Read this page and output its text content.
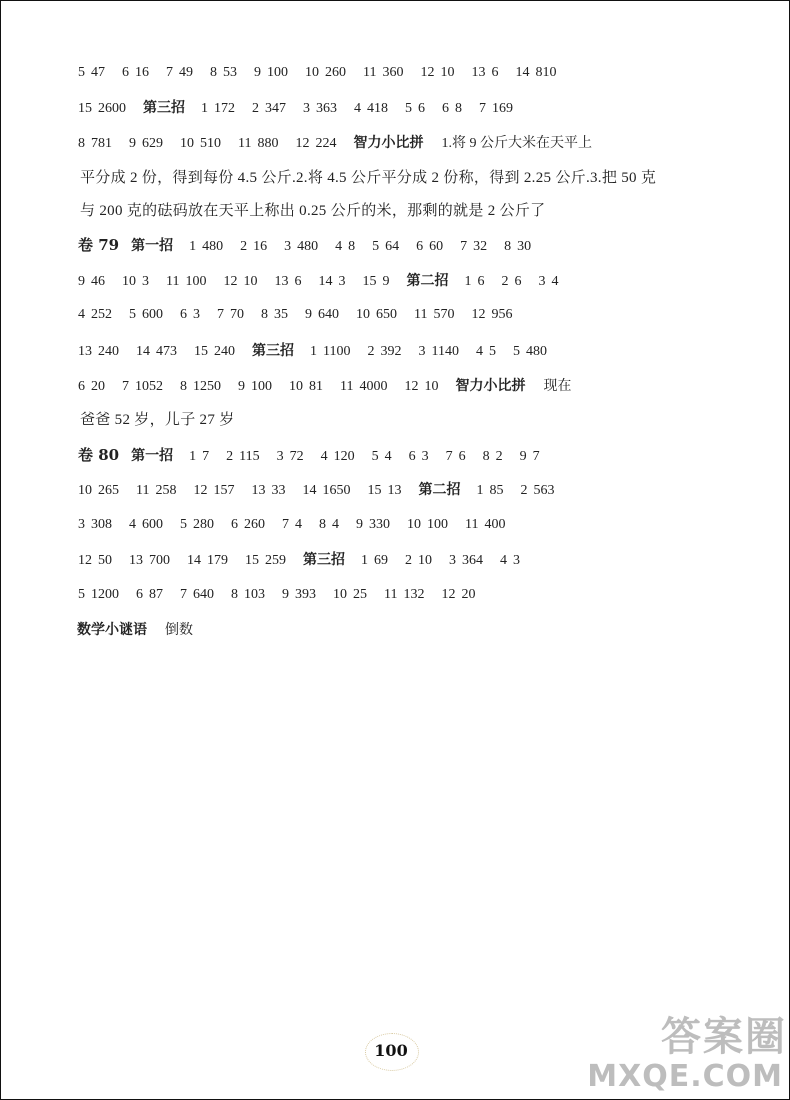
5 47 6 16 7 49 8 53 9 100 10 260 11 360 12 10 13 6 14 810
15 2600 第三招 1 172 2 347 3 363 4 418 5 6 6 8 7 169
8 781 9 629 10 510 11 880 12 224 智力小比拼 1.将 9 公斤大米在天平上
平分成 2 份，得到每份 4.5 公斤.2.将 4.5 公斤平分成 2 份称，得到 2.25 公斤.3.把 50 克
与 200 克的砝码放在天平上称出 0.25 公斤的米，那剩的就是 2 公斤了
卷 79 第一招 1 480 2 16 3 480 4 8 5 64 6 60 7 32 8 30
9 46 10 3 11 100 12 10 13 6 14 3 15 9 第二招 1 6 2 6 3 4
4 252 5 600 6 3 7 70 8 35 9 640 10 650 11 570 12 956
13 240 14 473 15 240 第三招 1 1100 2 392 3 1140 4 5 5 480
6 20 7 1052 8 1250 9 100 10 81 11 4000 12 10 智力小比拼 现在
爸爸 52 岁，儿子 27 岁
卷 80 第一招 1 7 2 115 3 72 4 120 5 4 6 3 7 6 8 2 9 7
10 265 11 258 12 157 13 33 14 1650 15 13 第二招 1 85 2 563
3 308 4 600 5 280 6 260 7 4 8 4 9 330 10 100 11 400
12 50 13 700 14 179 15 259 第三招 1 69 2 10 3 364 4 3
5 1200 6 87 7 640 8 103 9 393 10 25 11 132 12 20
数学小谜语 倒数
100	答案圈
MXQE.COM
